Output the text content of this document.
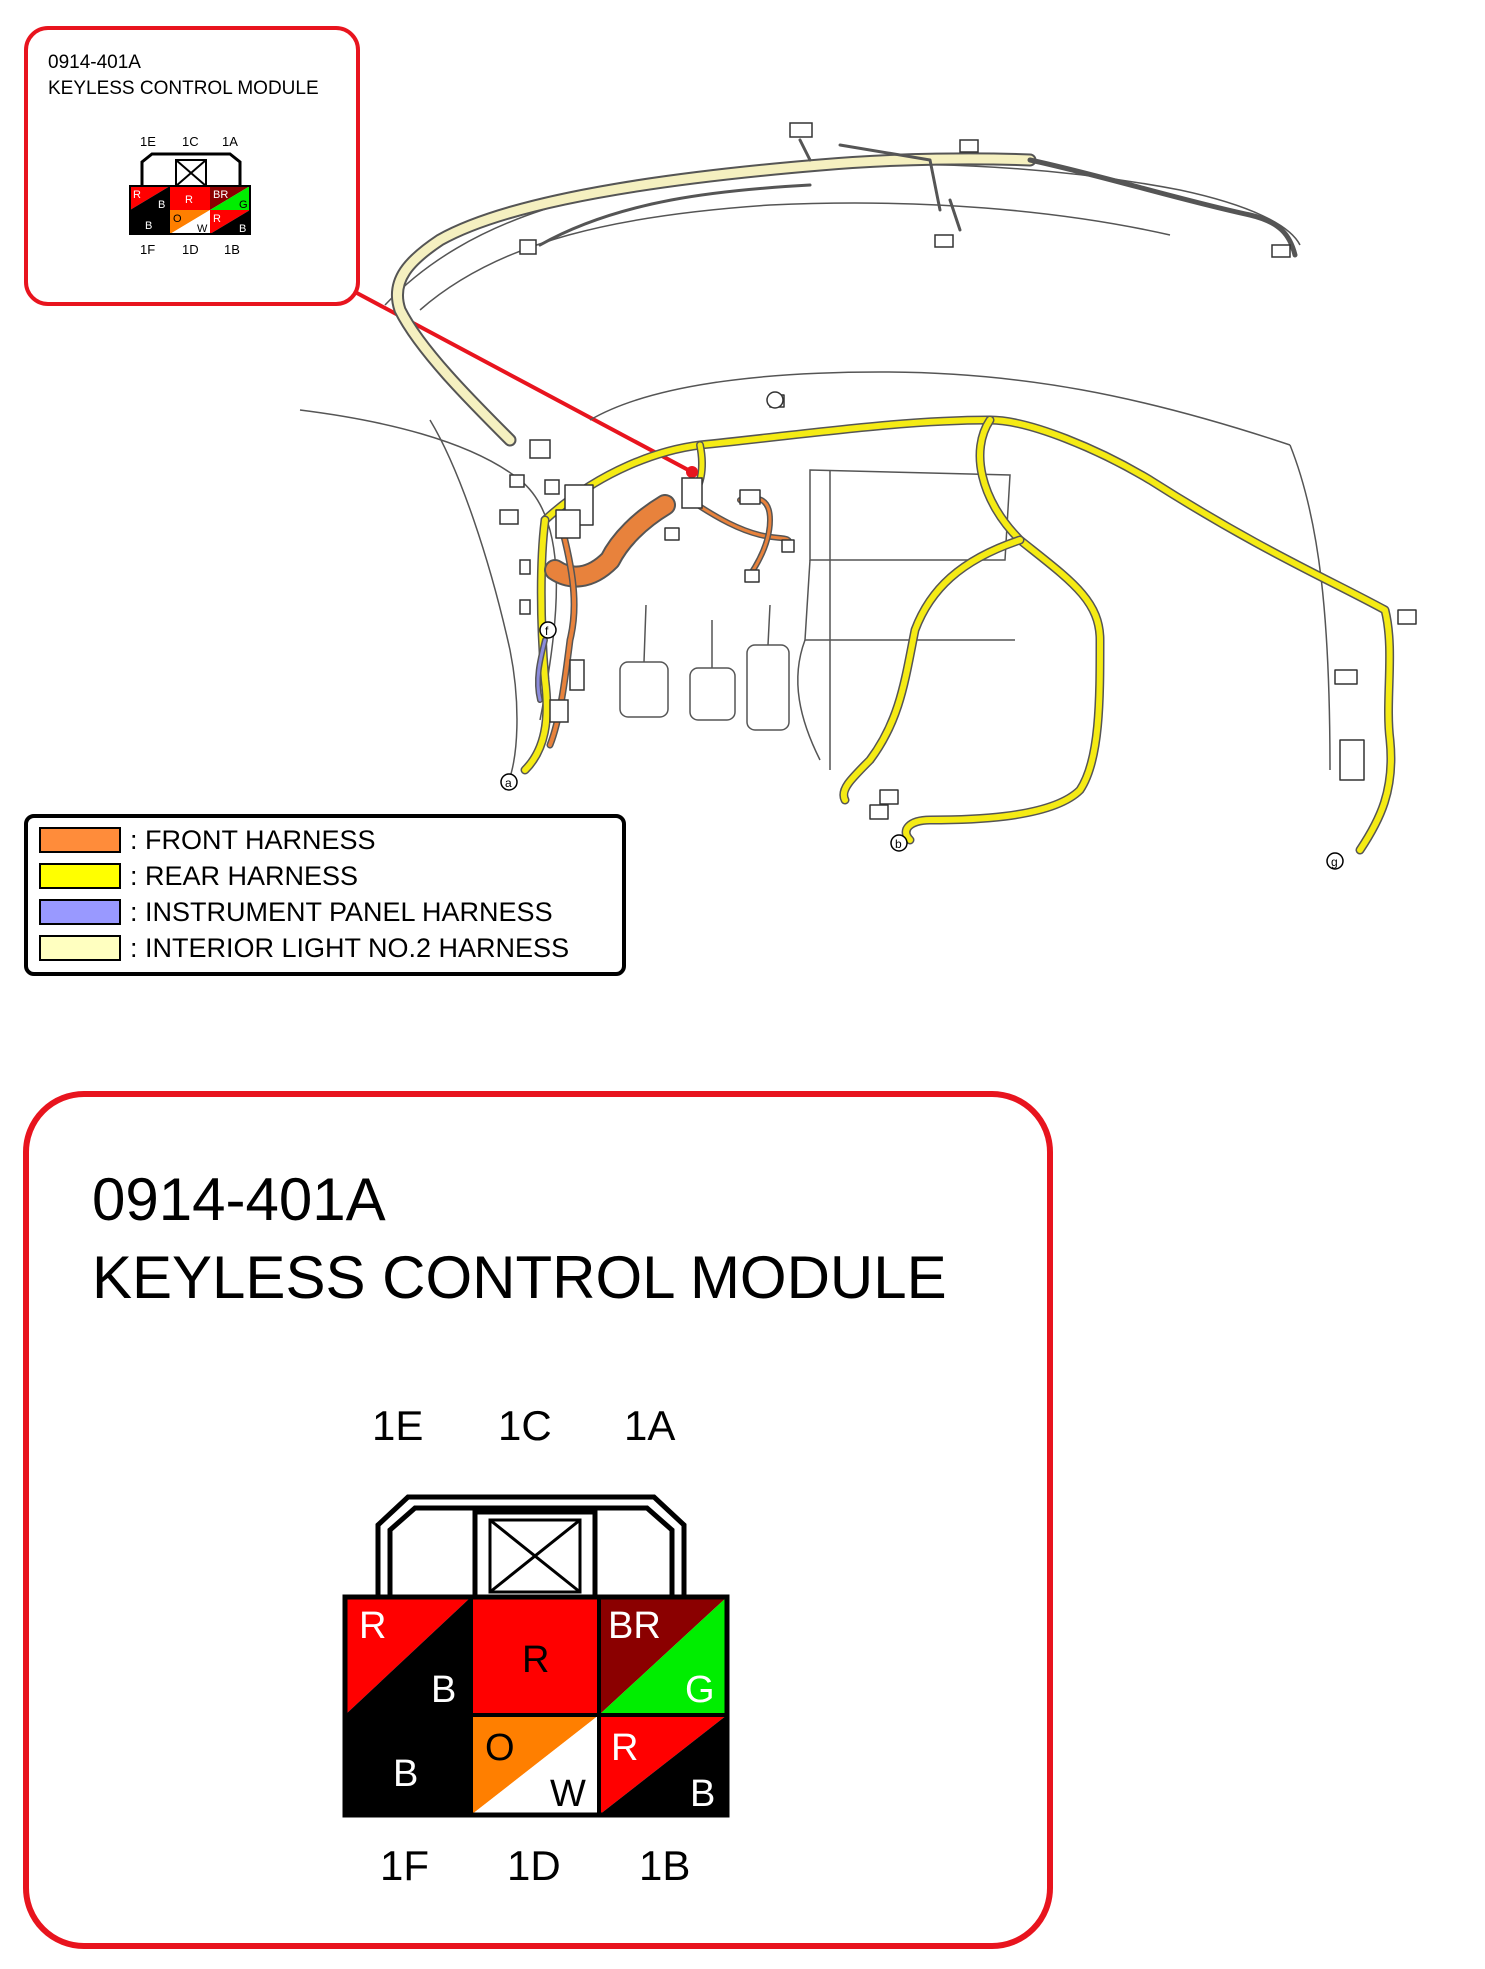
0914-401A
KEYLESS CONTROL MODULE
1E 1C 1A
R
B R BR
G
B
O
W
R
B
1F 1D 1B
a
f
b
g
: FRONT HARNESS
: REAR HARNESS
: INSTRUMENT PANEL HARNESS
: INTERIOR LIGHT NO.2 HARNESS
0914-401A
KEYLESS CONTROL MODULE
1E 1C 1A
R
B
R
BR
G
B
O
W
R
B
1F 1D 1B
